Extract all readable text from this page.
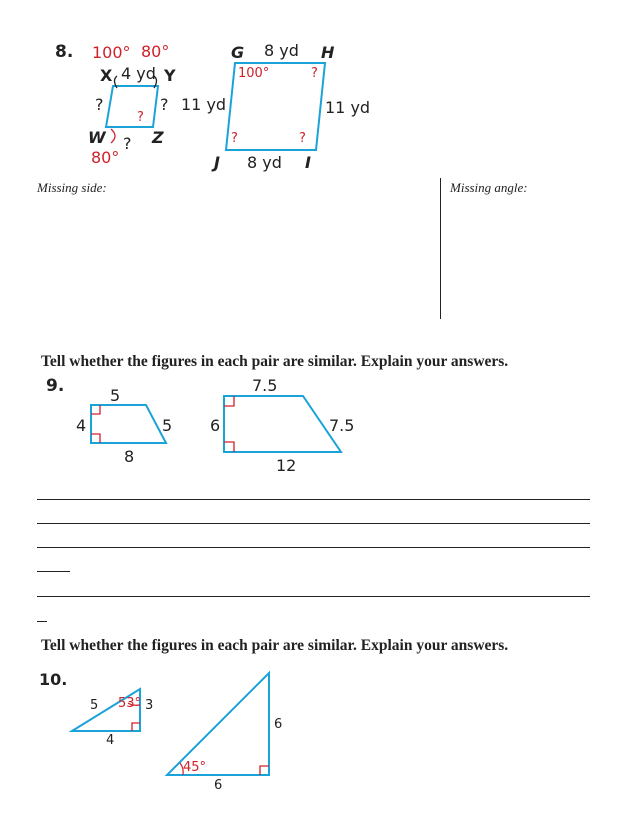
8. 100° 80°
X 4 yd Y
?	?
?
W ? Z
80°
11 yd
G 8 yd H
100°	?
11 yd
?	?
J 8 yd I
Missing side:	Missing angle:
Tell whether the figures in each pair are similar. Explain your answers.
9.	5
4	5
8
7.5
6	7.5
12
Tell whether the figures in each pair are similar. Explain your answers.
10.
5 53° 3
4
6
45°
6
